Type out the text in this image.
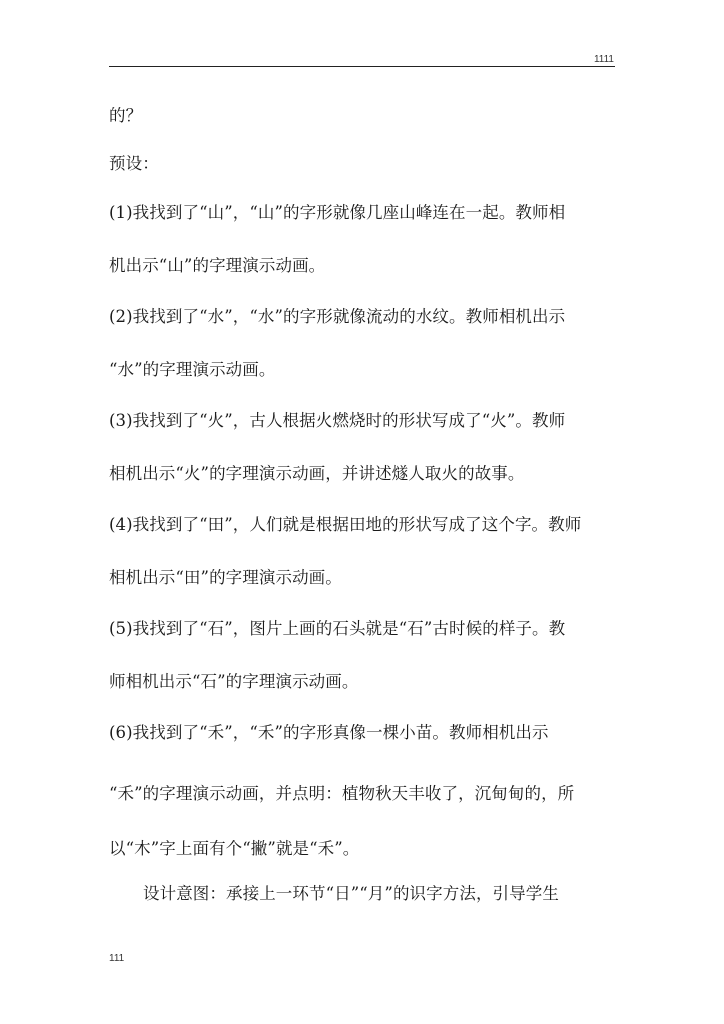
1111
的？
预设：
(1)我找到了“山”，“山”的字形就像几座山峰连在一起。教师相
机出示“山”的字理演示动画。
(2)我找到了“水”，“水”的字形就像流动的水纹。教师相机出示
“水”的字理演示动画。
(3)我找到了“火”，古人根据火燃烧时的形状写成了“火”。教师
相机出示“火”的字理演示动画，并讲述燧人取火的故事。
(4)我找到了“田”，人们就是根据田地的形状写成了这个字。教师
相机出示“田”的字理演示动画。
(5)我找到了“石”，图片上画的石头就是“石”古时候的样子。教
师相机出示“石”的字理演示动画。
(6)我找到了“禾”，“禾”的字形真像一棵小苗。教师相机出示
“禾”的字理演示动画，并点明：植物秋天丰收了，沉甸甸的，所
以“木”字上面有个“撇”就是“禾”。
设计意图：承接上一环节“日”“月”的识字方法，引导学生
111
